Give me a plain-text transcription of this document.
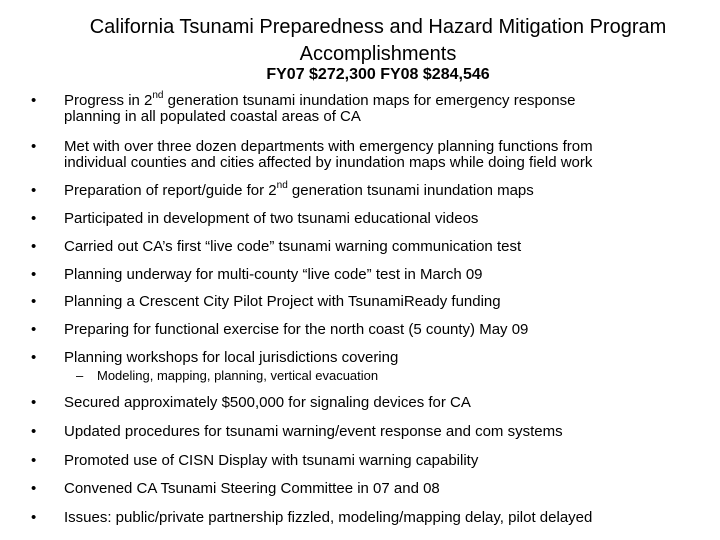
California Tsunami Preparedness and Hazard Mitigation Program
Accomplishments
FY07 $272,300 FY08 $284,546
• Progress in 2nd generation tsunami inundation maps for emergency response
planning in all populated coastal areas of CA
• Met with over three dozen departments with emergency planning functions from
individual counties and cities affected by inundation maps while doing field work
• Preparation of report/guide for 2nd generation tsunami inundation maps
• Participated in development of two tsunami educational videos
• Carried out CA’s first “live code” tsunami warning communication test
• Planning underway for multi-county “live code” test in March 09
• Planning a Crescent City Pilot Project with TsunamiReady funding
• Preparing for functional exercise for the north coast (5 county) May 09
• Planning workshops for local jurisdictions covering
– Modeling, mapping, planning, vertical evacuation
• Secured approximately $500,000 for signaling devices for CA
• Updated procedures for tsunami warning/event response and com systems
• Promoted use of CISN Display with tsunami warning capability
• Convened CA Tsunami Steering Committee in 07 and 08
• Issues: public/private partnership fizzled, modeling/mapping delay, pilot delayed
